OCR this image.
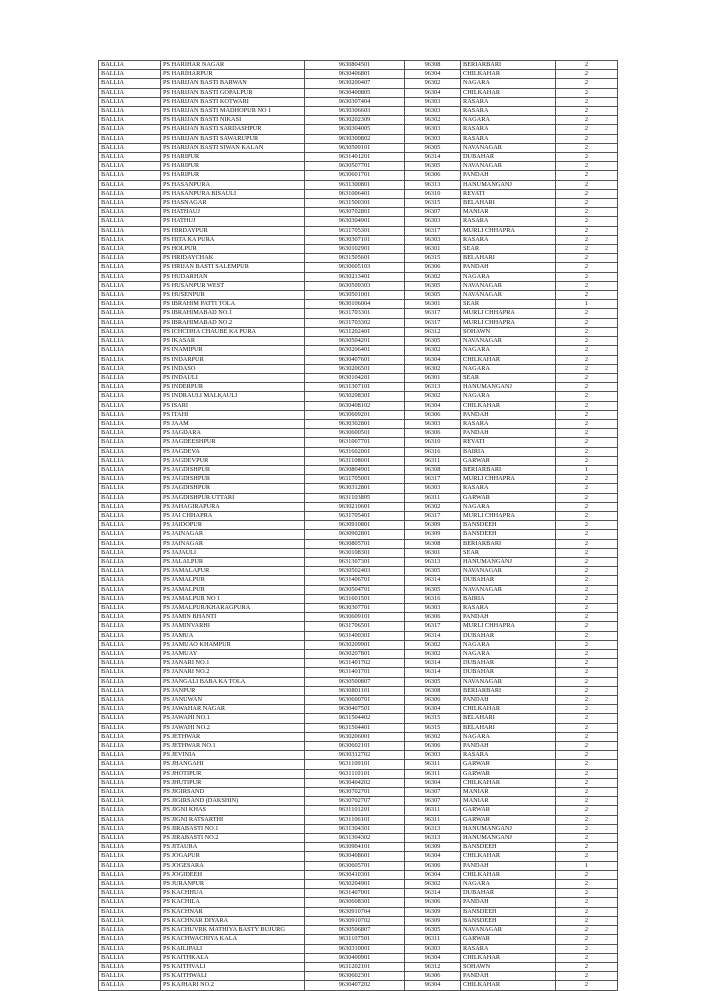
BALLIA	PS HARIHAR NAGAR	9630804501	96308	BERIARBARI	2
BALLIA	PS HARIHARPUR	9630406801	96304	CHILKAHAR	2
BALLIA	PS HARIJAN BASTI BARWAN	9630200407	96302	NAGARA	2
BALLIA	PS HARIJAN BASTI GOPALPUR	9630400805	96304	CHILKAHAR	2
BALLIA	PS HARIJAN BASTI KOTWARI	9630307404	96303	RASARA	2
BALLIA	PS HARIJAN BASTI MADHOPUR NO 1	9630306603	96303	RASARA	2
BALLIA	PS HARIJAN BASTI NIKASI	9630202309	96302	NAGARA	2
BALLIA	PS HARIJAN BASTI SARDASHPUR	9630304005	96303	RASARA	2
BALLIA	PS HARIJAN BASTI SAWARUPUR	9630300802	96303	RASARA	2
BALLIA	PS HARIJAN BASTI SIWAN KALAN	9630509101	96305	NAVANAGAR	2
BALLIA	PS HARIPUR	9631401201	96314	DUBAHAR	2
BALLIA	PS HARIPUR	9630507701	96305	NAVANAGAR	2
BALLIA	PS HARIPUR	9630601701	96306	PANDAH	2
BALLIA	PS HASANPURA	9631300801	96313	HANUMANGANJ	2
BALLIA	PS HASANPURA BISAULI	9631006401	96310	REVATI	2
BALLIA	PS HASNAGAR	9631500301	96315	BELAHARI	2
BALLIA	PS HATHAUJ	9630702801	96307	MANIAR	2
BALLIA	PS HATHUJ	9630304901	96303	RASARA	2
BALLIA	PS HIRDAYPUR	9631705301	96317	MURLI CHHAPRA	2
BALLIA	PS HITA KA PURA	9630307101	96303	RASARA	2
BALLIA	PS HOLPUR	9630102901	96301	SEAR	2
BALLIA	PS HRIDAYCHAK	9631505601	96315	BELAHARI	2
BALLIA	PS HRIJAN BASTI SALEMPUR	9630605103	96306	PANDAH	2
BALLIA	PS HUDARHAN	9630213401	96302	NAGARA	2
BALLIA	PS HUSANPUR WEST	9630509303	96305	NAVANAGAR	2
BALLIA	PS HUSENPUR	9630501001	96305	NAVANAGAR	2
BALLIA	PS IBRAHIM PATTI TOLA	9630106004	96301	SEAR	1
BALLIA	PS IBRAHIMABAD NO.1	9631703301	96317	MURLI CHHAPRA	2
BALLIA	PS IBRAHIMABAD NO.2	9631703302	96317	MURLI CHHAPRA	2
BALLIA	PS ICHCHHA CHAUBE KA PURA	9631202401	96312	SOHAWN	2
BALLIA	PS IKASAR	9630504201	96305	NAVANAGAR	2
BALLIA	PS INAMIPUR	9630206401	96302	NAGARA	2
BALLIA	PS INDARPUR	9630407601	96304	CHILKAHAR	2
BALLIA	PS INDASO	9630206501	96302	NAGARA	2
BALLIA	PS INDAULI	9630104201	96301	SEAR	2
BALLIA	PS INDERPUR	9631307101	96313	HANUMANGANJ	2
BALLIA	PS INDRAULI MALKAULI	9630208301	96302	NAGARA	2
BALLIA	PS ISARI	9630408102	96304	CHILKAHAR	2
BALLIA	PS ITAHI	9630609201	96306	PANDAH	2
BALLIA	PS JAAM	9630302801	96303	RASARA	2
BALLIA	PS JAGDARA	9630600501	96306	PANDAH	2
BALLIA	PS JAGDEESHPUR	9631007701	96310	REVATI	2
BALLIA	PS JAGDEVA	9631602001	96316	BAIRIA	2
BALLIA	PS JAGDEVPUR	9631108001	96311	GARWAR	2
BALLIA	PS JAGDISHPUR	9630804901	96308	BERIARBARI	1
BALLIA	PS JAGDISHPUR	9631705001	96317	MURLI CHHAPRA	2
BALLIA	PS JAGDISHPUR	9630312801	96303	RASARA	2
BALLIA	PS JAGDISHPUR UTTARI	9631103805	96311	GARWAR	2
BALLIA	PS JAHAGIRAPURA	9630210601	96302	NAGARA	2
BALLIA	PS JAI CHHAPRA	9631705401	96317	MURLI CHHAPRA	2
BALLIA	PS JAIDOPUR	9630910801	96309	BANSDEEH	2
BALLIA	PS JAINAGAR	9630902801	96309	BANSDEEH	2
BALLIA	PS JAINAGAR	9630805701	96308	BERIARBARI	2
BALLIA	PS JAJAULI	9630108301	96301	SEAR	2
BALLIA	PS JALALPUR	9631307301	96313	HANUMANGANJ	2
BALLIA	PS JAMALAPUR	9630502403	96305	NAVANAGAR	2
BALLIA	PS JAMALPUR	9631406701	96314	DUBAHAR	2
BALLIA	PS JAMALPUR	9630504701	96305	NAVANAGAR	2
BALLIA	PS JAMALPUR NO 1	9631601501	96316	BAIRIA	2
BALLIA	PS JAMALPUR/KHARAGPURA	9630307701	96303	RASARA	2
BALLIA	PS JAMIN BHANTI	9630609101	96306	PANDAH	2
BALLIA	PS JAMINVARHI	9631706501	96317	MURLI CHHAPRA	2
BALLIA	PS JAMUA	9631400301	96314	DUBAHAR	2
BALLIA	PS JAMUAO KHAMPUR	9630209901	96302	NAGARA	2
BALLIA	PS JAMUAY	9630207801	96302	NAGARA	2
BALLIA	PS JANARI NO.1	9631401702	96314	DUBAHAR	2
BALLIA	PS JANARI NO.2	9631401701	96314	DUBAHAR	2
BALLIA	PS JANGALI BABA KA TOLA	9630500807	96305	NAVANAGAR	2
BALLIA	PS JANPUR	9630801101	96308	BERIARBARI	2
BALLIA	PS JANUWAN	9630600701	96306	PANDAH	2
BALLIA	PS JAWAHAR NAGAR	9630407501	96304	CHILKAHAR	2
BALLIA	PS JAWAHI NO.1	9631504402	96315	BELAHARI	2
BALLIA	PS JAWAHI NO.2	9631504401	96315	BELAHARI	2
BALLIA	PS JETHWAR	9630206001	96302	NAGARA	2
BALLIA	PS JETHWAR NO.1	9630602101	96306	PANDAH	2
BALLIA	PS JEVINIA	9630312702	96303	RASARA	2
BALLIA	PS JHANGAHI	9631109101	96311	GARWAR	2
BALLIA	PS JHOTIPUR	9631110101	96311	GARWAR	2
BALLIA	PS JHUTIPUR	9630404202	96304	CHILKAHAR	2
BALLIA	PS JIGIRSAND	9630702701	96307	MANIAR	2
BALLIA	PS JIGIRSAND (DAKSHIN)	9630702707	96307	MANIAR	2
BALLIA	PS JIGNI KHAS	9631101201	96311	GARWAR	2
BALLIA	PS JIGNI RATSARTHI	9631106101	96311	GARWAR	2
BALLIA	PS JIRABASTI NO.1	9631304301	96313	HANUMANGANJ	2
BALLIA	PS JIRABASTI NO.2	9631304302	96313	HANUMANGANJ	2
BALLIA	PS JITAURA	9630904101	96309	BANSDEEH	2
BALLIA	PS JOGAPUR	9630408601	96304	CHILKAHAR	2
BALLIA	PS JOGESARA	9630605701	96306	PANDAH	1
BALLIA	PS JOGIDEEH	9630410301	96304	CHILKAHAR	2
BALLIA	PS JURANPUR	9630204901	96302	NAGARA	2
BALLIA	PS KACHHUA	9631407001	96314	DUBAHAR	2
BALLIA	PS KACHILA	9630608301	96306	PANDAH	2
BALLIA	PS KACHNAR	9630910704	96309	BANSDEEH	2
BALLIA	PS KACHNAR DIYARA	9630910702	96309	BANSDEEH	2
BALLIA	PS KACHUVRK MATHIYA BASTY BUJURG	9630506807	96305	NAVANAGAR	2
BALLIA	PS KACHWACHIYA KALA	9631107501	96311	GARWAR	2
BALLIA	PS KAILIPALI	9630310001	96303	RASARA	2
BALLIA	PS KAITHKALA	9630400901	96304	CHILKAHAR	2
BALLIA	PS KAITHVALI	9631202101	96312	SOHAWN	2
BALLIA	PS KAITHWALI	9630602301	96306	PANDAH	2
BALLIA	PS KAJHARI NO.2	9630407202	96304	CHILKAHAR	2
